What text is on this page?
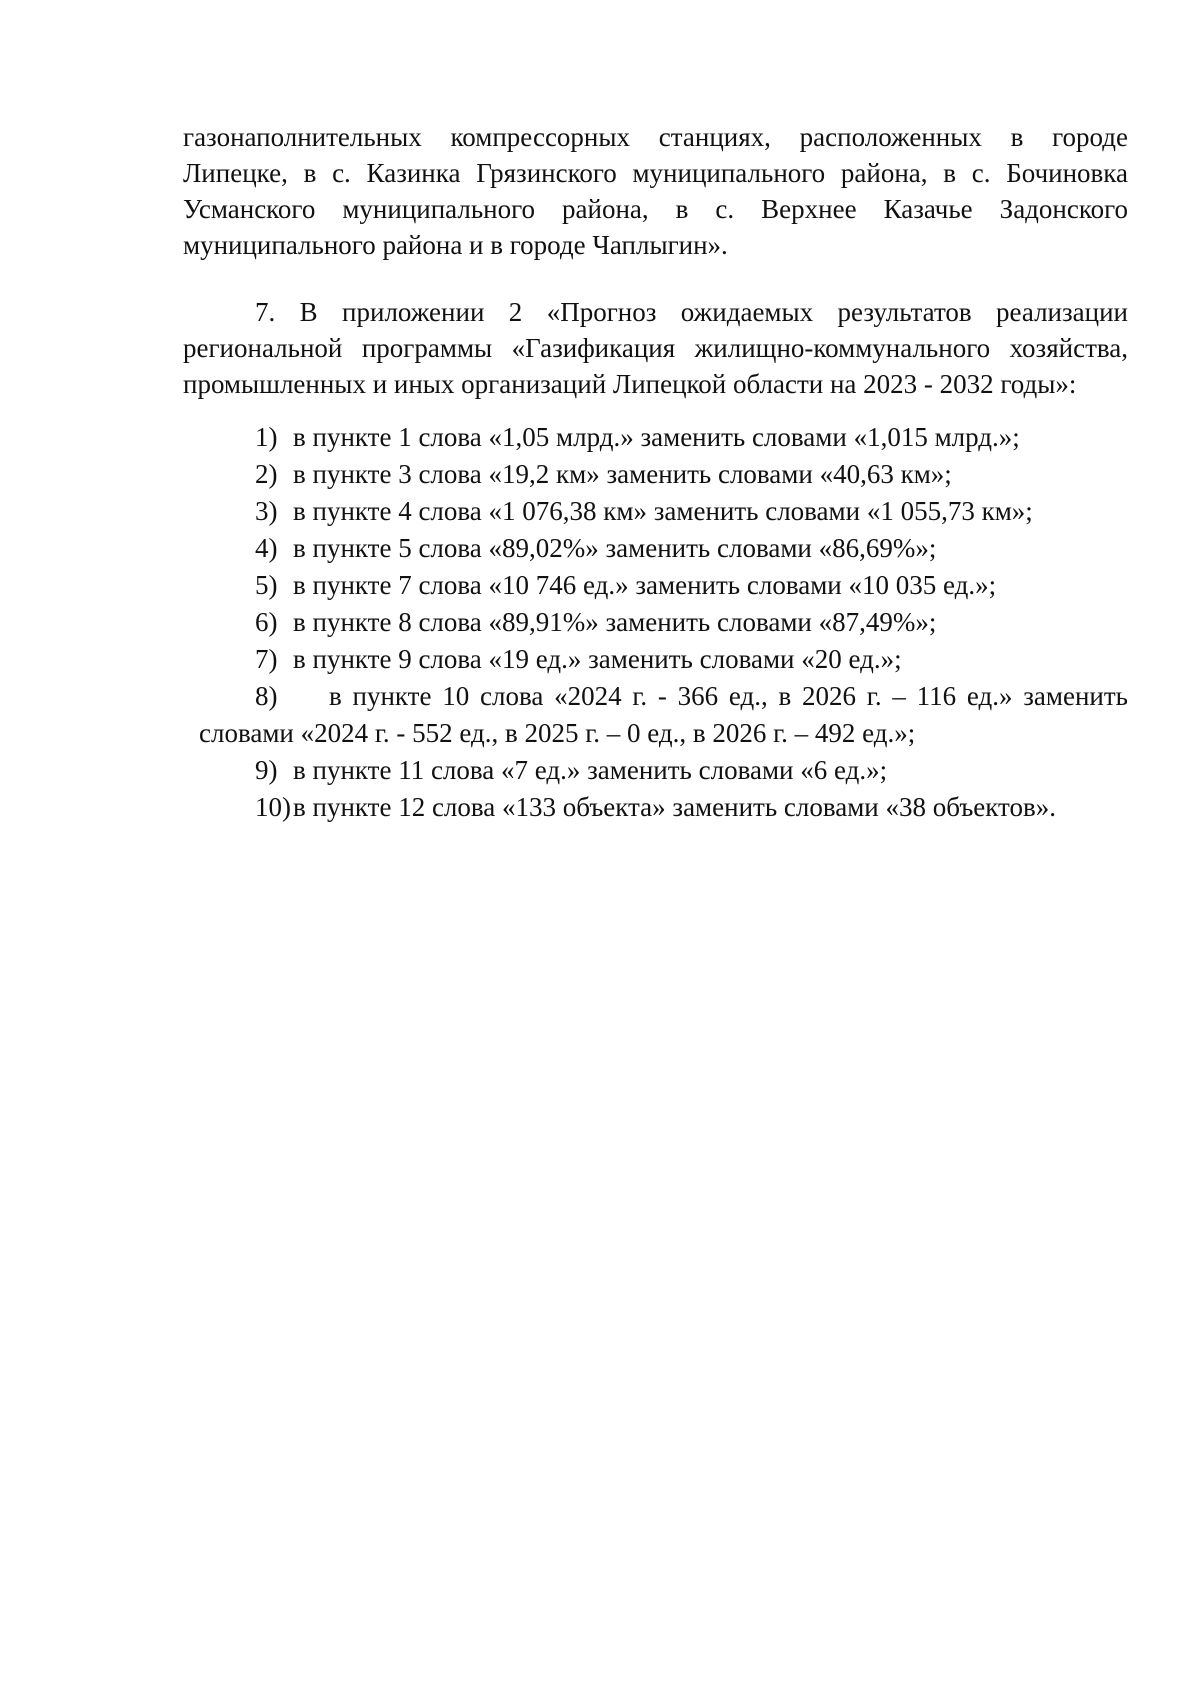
газонаполнительных компрессорных станциях, расположенных в городе Липецке, в с. Казинка Грязинского муниципального района, в с. Бочиновка Усманского муниципального района, в с. Верхнее Казачье Задонского муниципального района и в городе Чаплыгин».

7. В приложении 2 «Прогноз ожидаемых результатов реализации региональной программы «Газификация жилищно-коммунального хозяйства, промышленных и иных организаций Липецкой области на 2023 - 2032 годы»:

1) в пункте 1 слова «1,05 млрд.» заменить словами «1,015 млрд.»;
2) в пункте 3 слова «19,2 км» заменить словами «40,63 км»;
3) в пункте 4 слова «1 076,38 км» заменить словами «1 055,73 км»;
4) в пункте 5 слова «89,02%» заменить словами «86,69%»;
5) в пункте 7 слова «10 746 ед.» заменить словами «10 035 ед.»;
6) в пункте 8 слова «89,91%» заменить словами «87,49%»;
7) в пункте 9 слова «19 ед.» заменить словами «20 ед.»;
8)	в пункте 10 слова «2024 г. - 366 ед., в 2026 г. – 116 ед.» заменить словами «2024 г. - 552 ед., в 2025 г. – 0 ед., в 2026 г. – 492 ед.»;
9) в пункте 11 слова «7 ед.» заменить словами «6 ед.»;
10) в пункте 12 слова «133 объекта» заменить словами «38 объектов».
